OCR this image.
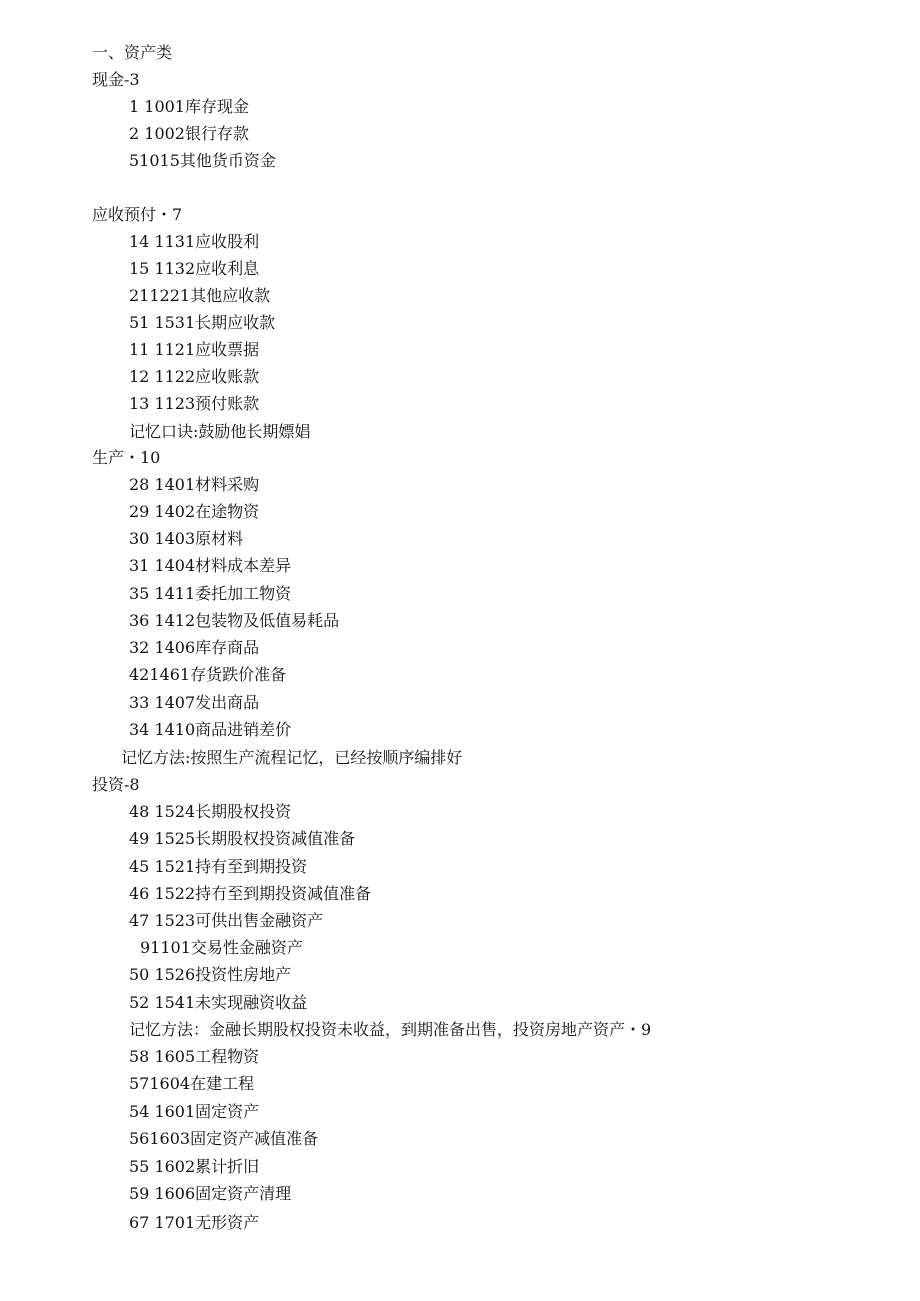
一、资产类
现金-3
1 1001库存现金
2 1002银行存款
51015其他货币资金
应收预付・7
14 1131应收股利
15 1132应收利息
211221其他应收款
51 1531长期应收款
11 1121应收票据
12 1122应收账款
13 1123预付账款
记忆口诀:鼓励他长期嫖娼
生产・10
28 1401材料采购
29 1402在途物资
30 1403原材料
31 1404材料成本差异
35 1411委托加工物资
36 1412包装物及低值易耗品
32 1406库存商品
421461存货跌价准备
33 1407发出商品
34 1410商品进销差价
记忆方法:按照生产流程记忆，已经按顺序编排好
投资-8
48 1524长期股权投资
49 1525长期股权投资减值准备
45 1521持有至到期投资
46 1522持冇至到期投资减值准备
47 1523可供出售金融资产
91101交易性金融资产
50 1526投资性房地产
52 1541未实现融资收益
记忆方法：金融长期股权投资未收益，到期准备出售，投资房地产资产・9
58 1605工程物资
571604在建工程
54 1601固定资产
561603固定资产减值准备
55 1602累计折旧
59 1606固定资产清理
67 1701无形资产
